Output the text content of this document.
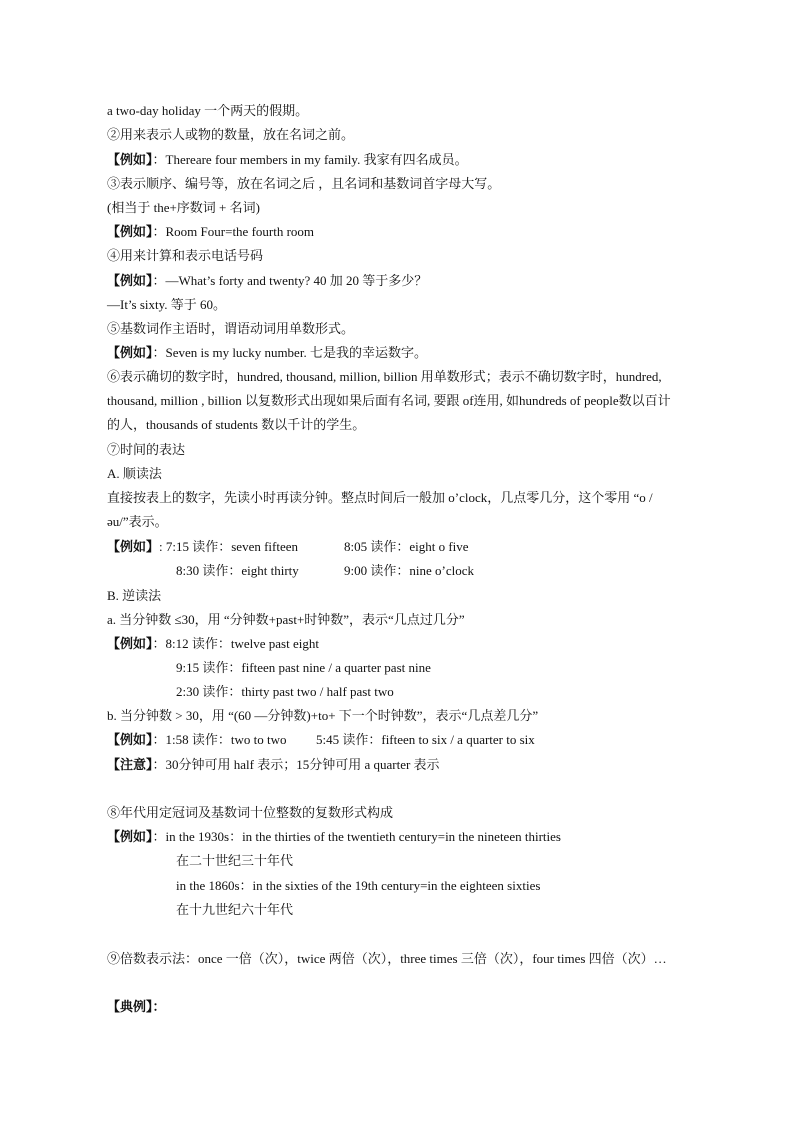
a two-day holiday 一个两天的假期。
②用来表示人或物的数量，放在名词之前。
【例如】：Thereare four members in my family. 我家有四名成员。
③表示顺序、编号等，放在名词之后 ，且名词和基数词首字母大写。
(相当于 the+序数词 + 名词)
【例如】：Room Four=the fourth room
④用来计算和表示电话号码
【例如】：—What’s forty and twenty? 40 加 20 等于多少？
—It’s sixty. 等于 60。
⑤基数词作主语时，谓语动词用单数形式。
【例如】：Seven is my lucky number. 七是我的幸运数字。
⑥表示确切的数字时，hundred, thousand, million, billion 用单数形式；表示不确切数字时，hundred, thousand, million , billion 以复数形式出现如果后面有名词, 要跟 of连用, 如hundreds of people数以百计的人，thousands of students 数以千计的学生。
⑦时间的表达
A. 顺读法
直接按表上的数字，先读小时再读分钟。整点时间后一般加 o’clock，几点零几分，这个零用 “o /əu/”表示。
【例如】: 7:15 读作：seven fifteen	8:05 读作：eight o five
8:30 读作：eight thirty	9:00 读作：nine o’clock
B. 逆读法
a. 当分钟数 ≤30，用 “分钟数+past+时钟数”，表示“几点过几分”
【例如】：8:12 读作：twelve past eight
9:15 读作：fifteen past nine / a quarter past nine
2:30 读作：thirty past two / half past two
b. 当分钟数 > 30，用 “(60 —分钟数)+to+ 下一个时钟数”，表示“几点差几分”
【例如】：1:58 读作：two to two 5:45 读作：fifteen to six / a quarter to six
【注意】：30分钟可用 half 表示；15分钟可用 a quarter 表示
⑧年代用定冠词及基数词十位整数的复数形式构成
【例如】：in the 1930s：in the thirties of the twentieth century=in the nineteen thirties
在二十世纪三十年代
in the 1860s：in the sixties of the 19th century=in the eighteen sixties
在十九世纪六十年代
⑨倍数表示法：once 一倍（次），twice 两倍（次），three times 三倍（次），four times 四倍（次）…
【典例】：
